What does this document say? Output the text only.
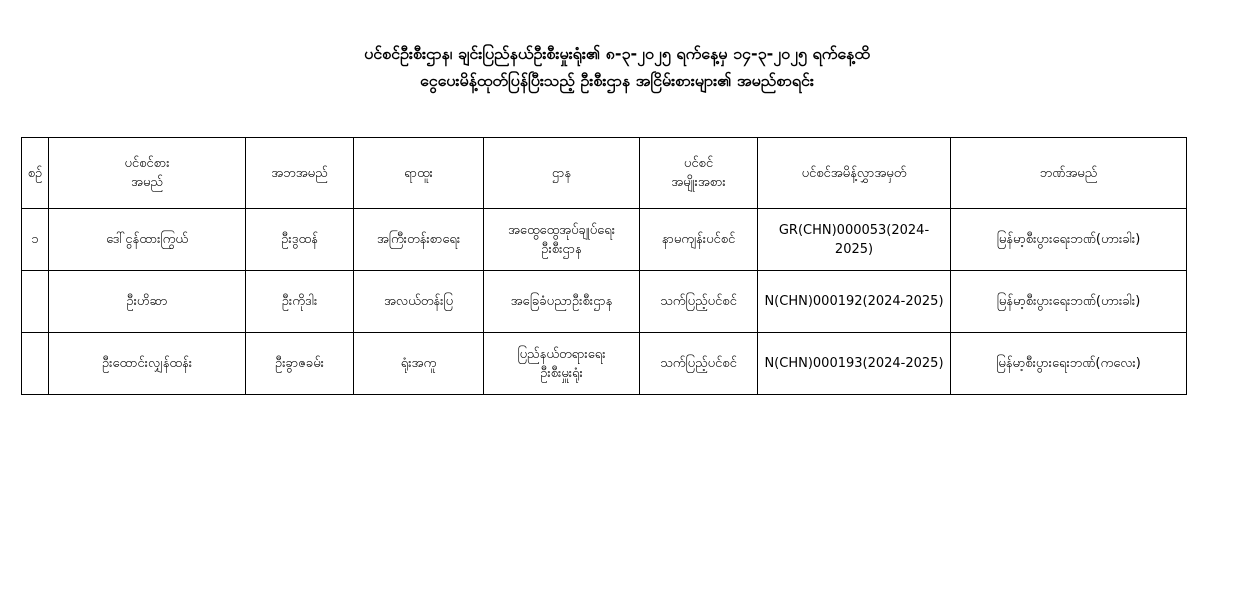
ပင်စင်ဦးစီးဌာန၊ ချင်းပြည်နယ်ဦးစီးမှုးရုံး၏ ၈-၃-၂၀၂၅ ရက်နေ့မှ ၁၄-၃-၂၀၂၅ ရက်နေ့ထိ
ငွေပေးမိန့်ထုတ်ပြန်ပြီးသည့် ဦးစီးဌာန အငြိမ်းစားများ၏ အမည်စာရင်း
စဉ်	ပင်စင်စား
အမည်	အဘအမည်	ရာထူး	ဌာန	ပင်စင်
အမျိုးအစား	ပင်စင်အမိန့်လွှာအမှတ်	ဘဏ်အမည်
၁	ဒေါ်ငွန်ထားကြွယ်	ဦးဒွထန်	အကြီးတန်းစာရေး	အထွေထွေအုပ်ချုပ်ရေး
ဦးစီးဌာန	နာမကျန်းပင်စင်	GR(CHN)000053(2024-2025)	မြန်မာ့စီးပွားရေးဘဏ်(ဟားခါး)
	ဦးဟိဆာ	ဦးကိုဒါး	အလယ်တန်းပြ	အခြေခံပညာဦးစီးဌာန	သက်ပြည့်ပင်စင်	N(CHN)000192(2024-2025)	မြန်မာ့စီးပွားရေးဘဏ်(ဟားခါး)
	ဦးထောင်းလျှန်ထန်း	ဦးခွာဇခမ်း	ရုံးအကူ	ပြည်နယ်တရားရေး
ဦးစီးမှူးရုံး	သက်ပြည့်ပင်စင်	N(CHN)000193(2024-2025)	မြန်မာ့စီးပွားရေးဘဏ်(ကလေး)
